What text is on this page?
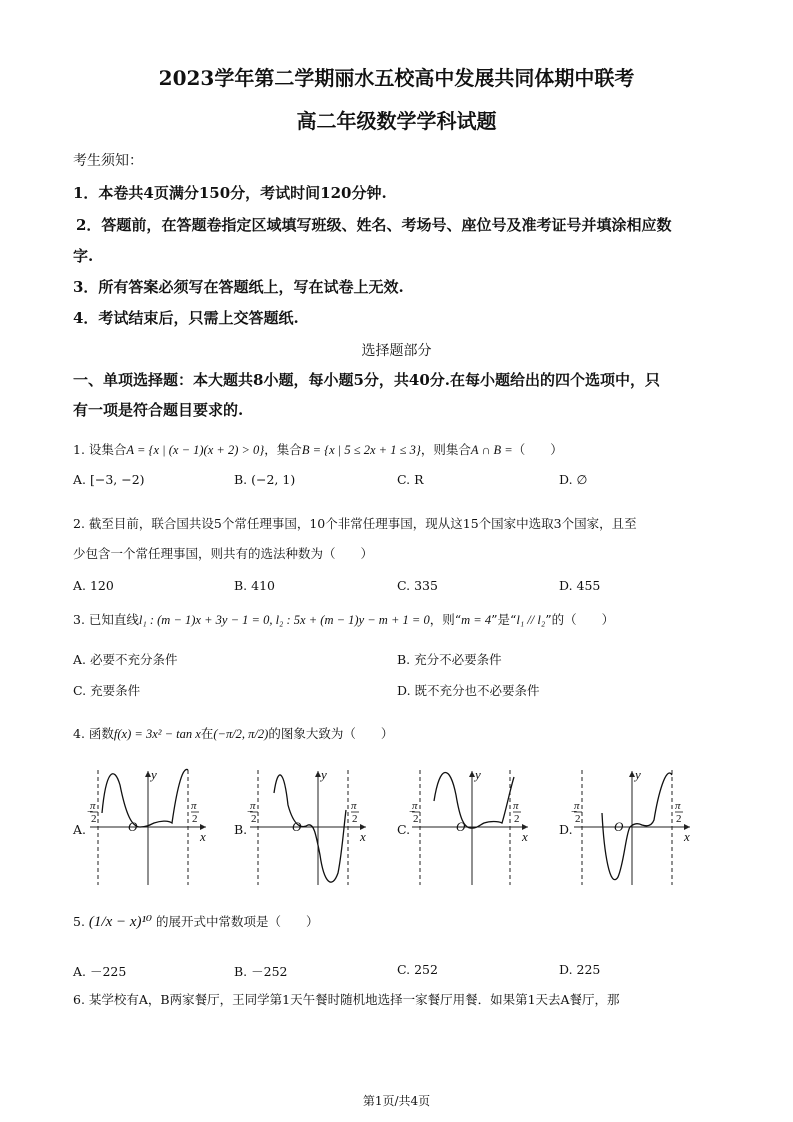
2023学年第二学期丽水五校高中发展共同体期中联考
高二年级数学学科试题
考生须知：
1．本卷共4页满分150分，考试时间120分钟.
2．答题前，在答题卷指定区域填写班级、姓名、考场号、座位号及准考证号并填涂相应数
字.
3．所有答案必须写在答题纸上，写在试卷上无效.
4．考试结束后，只需上交答题纸.
选择题部分
一、单项选择题：本大题共8小题，每小题5分，共40分.在每小题给出的四个选项中，只
有一项是符合题目要求的.
1. 设集合A = {x | (x − 1)(x + 2) > 0}，集合B = {x | 5 ≤ 2x + 1 ≤ 3}，则集合A ∩ B =（　　）
A. [−3, −2)	B. (−2, 1)	C. R	D. ∅
2. 截至目前，联合国共设5个常任理事国，10个非常任理事国，现从这15个国家中选取3个国家，且至
少包含一个常任理事国，则共有的选法种数为（　　）
A. 120	B. 410	C. 335	D. 455
3. 已知直线l₁ : (m − 1)x + 3y − 1 = 0, l₂ : 5x + (m − 1)y − m + 1 = 0，则“m = 4”是“l₁ // l₂”的（　　）
A. 必要不充分条件	B. 充分不必要条件
C. 充要条件	D. 既不充分也不必要条件
4. 函数f(x) = 3x² − tan x在(−π/2, π/2)的图象大致为（　　）
A.
y
x
O
−
π
2
π
2
B.
y
x
O
−
π
2
π
2
C.
y
x
O
−
π
2
π
2
D.
y
x
O
−
π
2
π
2
5. (1/x − x)¹⁰ 的展开式中常数项是（　　）
A. －225	B. －252	C. 252	D. 225
6. 某学校有A，B两家餐厅，王同学第1天午餐时随机地选择一家餐厅用餐．如果第1天去A餐厅，那
第1页/共4页
